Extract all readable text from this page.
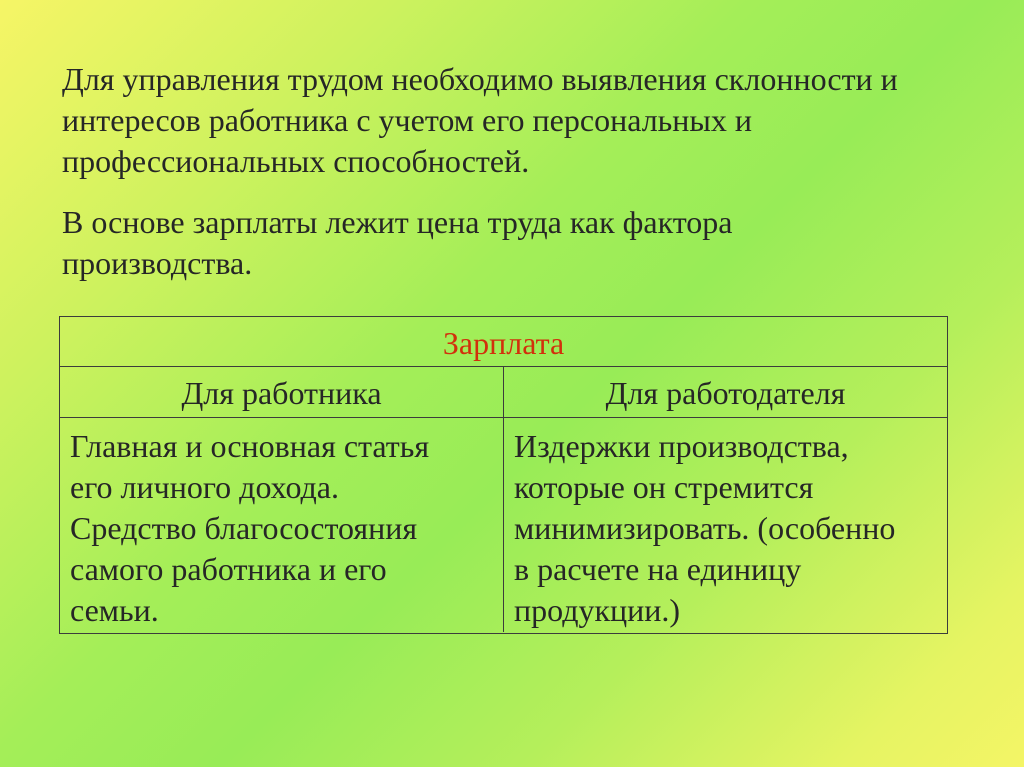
Для управления трудом необходимо выявления склонности и
интересов работника с учетом его персональных и
профессиональных способностей.
В основе зарплаты лежит цена труда как фактора
производства.
Зарплата
Для работника	Для работодателя
Главная и основная статья
его личного дохода.
Средство благосостояния
самого работника и его
семьи.
Издержки производства,
которые он стремится
минимизировать. (особенно
в расчете на единицу
продукции.)
